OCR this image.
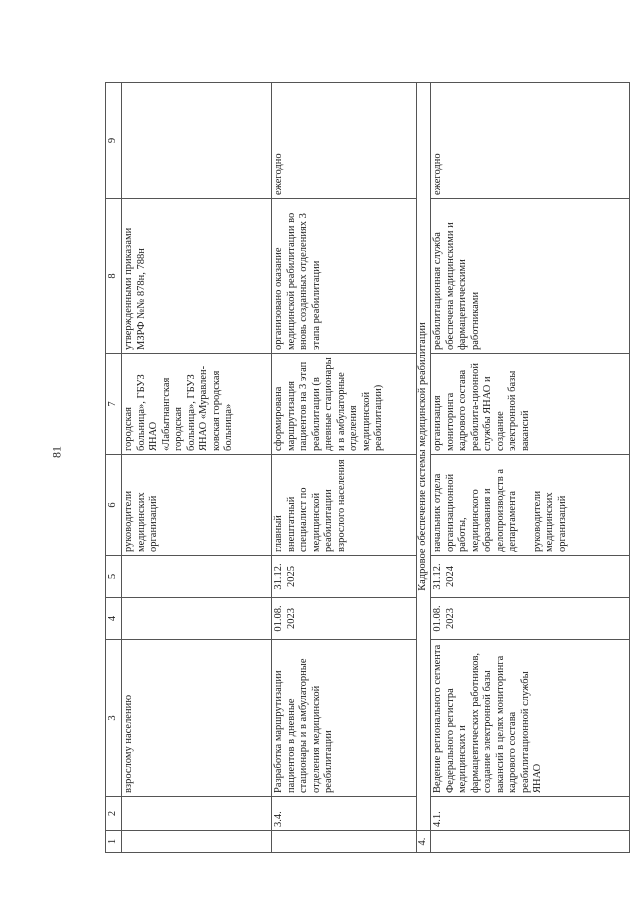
81
1	2	3	4	5	6	7	8	9
		взрослому населению			руководители медицинских организаций	городская больница», ГБУЗ ЯНАО «Лабытнангская городская больница», ГБУЗ ЯНАО «Муравлен-ковская городская больница»	утвержденными приказами МЗРФ №№ 878н, 788н	
	3.4.	Разработка маршрутизации пациентов в дневные стационары и в амбулаторные отделения медицинской реабилитации	01.08. 2023	31.12. 2025	главный внештатный специалист по медицинской реабилитации взрослого населения	сформирована маршрутизация пациентов на 3 этап реабилитации (в дневные стационары и в амбулаторные отделения медицинской реабилитации)	организовано оказание медицинской реабилитации во вновь созданных отделениях 3 этапа реабилитации	ежегодно
4.	Кадровое обеспечение системы медицинской реабилитации							
	4.1.	Ведение регионального сегмента Федерального регистра медицинских и фармацевтических работников, создание электронной базы вакансий в целях мониторинга кадрового состава реабилитационной службы ЯНАО	01.08. 2023	31.12. 2024	начальник отдела организационной работы, медицинского образования и делопроизводств а департамента руководители медицинских организаций	организация мониторинга кадрового состава реабилита-ционной службы ЯНАО и создание электронной базы вакансий	реабилитационная служба обеспечена медицинскими и фармацевтическими работниками	ежегодно
